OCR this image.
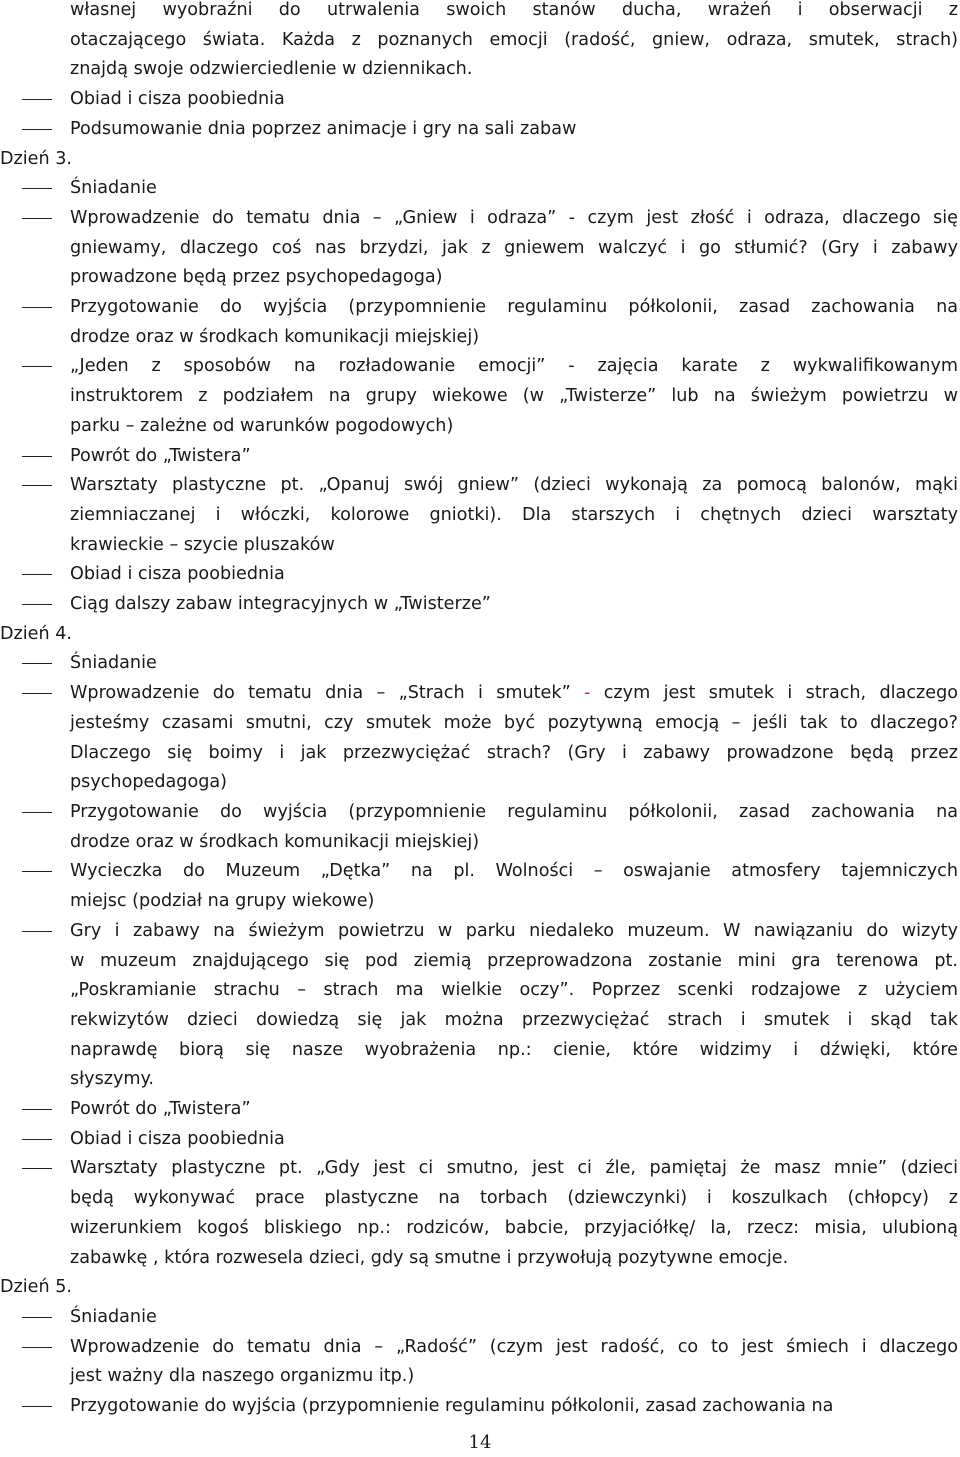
własnej wyobraźni do utrwalenia swoich stanów ducha, wrażeń i obserwacji z
otaczającego świata. Każda z poznanych emocji (radość, gniew, odraza, smutek, strach)
znajdą swoje odzwierciedlenie w dziennikach.
Obiad i cisza poobiednia
Podsumowanie dnia poprzez animacje i gry na sali zabaw
Dzień 3.
Śniadanie
Wprowadzenie do tematu dnia – „Gniew i odraza” - czym jest złość i odraza, dlaczego się
gniewamy, dlaczego coś nas brzydzi, jak z gniewem walczyć i go stłumić? (Gry i zabawy
prowadzone będą przez psychopedagoga)
Przygotowanie do wyjścia (przypomnienie regulaminu półkolonii, zasad zachowania na
drodze oraz w środkach komunikacji miejskiej)
„Jeden z sposobów na rozładowanie emocji” - zajęcia karate z wykwalifikowanym
instruktorem z podziałem na grupy wiekowe (w „Twisterze” lub na świeżym powietrzu w
parku – zależne od warunków pogodowych)
Powrót do „Twistera”
Warsztaty plastyczne pt. „Opanuj swój gniew” (dzieci wykonają za pomocą balonów, mąki
ziemniaczanej i włóczki, kolorowe gniotki). Dla starszych i chętnych dzieci warsztaty
krawieckie – szycie pluszaków
Obiad i cisza poobiednia
Ciąg dalszy zabaw integracyjnych w „Twisterze”
Dzień 4.
Śniadanie
Wprowadzenie do tematu dnia – „Strach i smutek” - czym jest smutek i strach, dlaczego
jesteśmy czasami smutni, czy smutek może być pozytywną emocją – jeśli tak to dlaczego?
Dlaczego się boimy i jak przezwyciężać strach? (Gry i zabawy prowadzone będą przez
psychopedagoga)
Przygotowanie do wyjścia (przypomnienie regulaminu półkolonii, zasad zachowania na
drodze oraz w środkach komunikacji miejskiej)
Wycieczka do Muzeum „Dętka” na pl. Wolności – oswajanie atmosfery tajemniczych
miejsc (podział na grupy wiekowe)
Gry i zabawy na świeżym powietrzu w parku niedaleko muzeum. W nawiązaniu do wizyty
w muzeum znajdującego się pod ziemią przeprowadzona zostanie mini gra terenowa pt.
„Poskramianie strachu – strach ma wielkie oczy”. Poprzez scenki rodzajowe z użyciem
rekwizytów dzieci dowiedzą się jak można przezwyciężać strach i smutek i skąd tak
naprawdę biorą się nasze wyobrażenia np.: cienie, które widzimy i dźwięki, które
słyszymy.
Powrót do „Twistera”
Obiad i cisza poobiednia
Warsztaty plastyczne pt. „Gdy jest ci smutno, jest ci źle, pamiętaj że masz mnie” (dzieci
będą wykonywać prace plastyczne na torbach (dziewczynki) i koszulkach (chłopcy) z
wizerunkiem kogoś bliskiego np.: rodziców, babcie, przyjaciółkę/ la, rzecz: misia, ulubioną
zabawkę , która rozwesela dzieci, gdy są smutne i przywołują pozytywne emocje.
Dzień 5.
Śniadanie
Wprowadzenie do tematu dnia – „Radość” (czym jest radość, co to jest śmiech i dlaczego
jest ważny dla naszego organizmu itp.)
Przygotowanie do wyjścia (przypomnienie regulaminu półkolonii, zasad zachowania na
14
